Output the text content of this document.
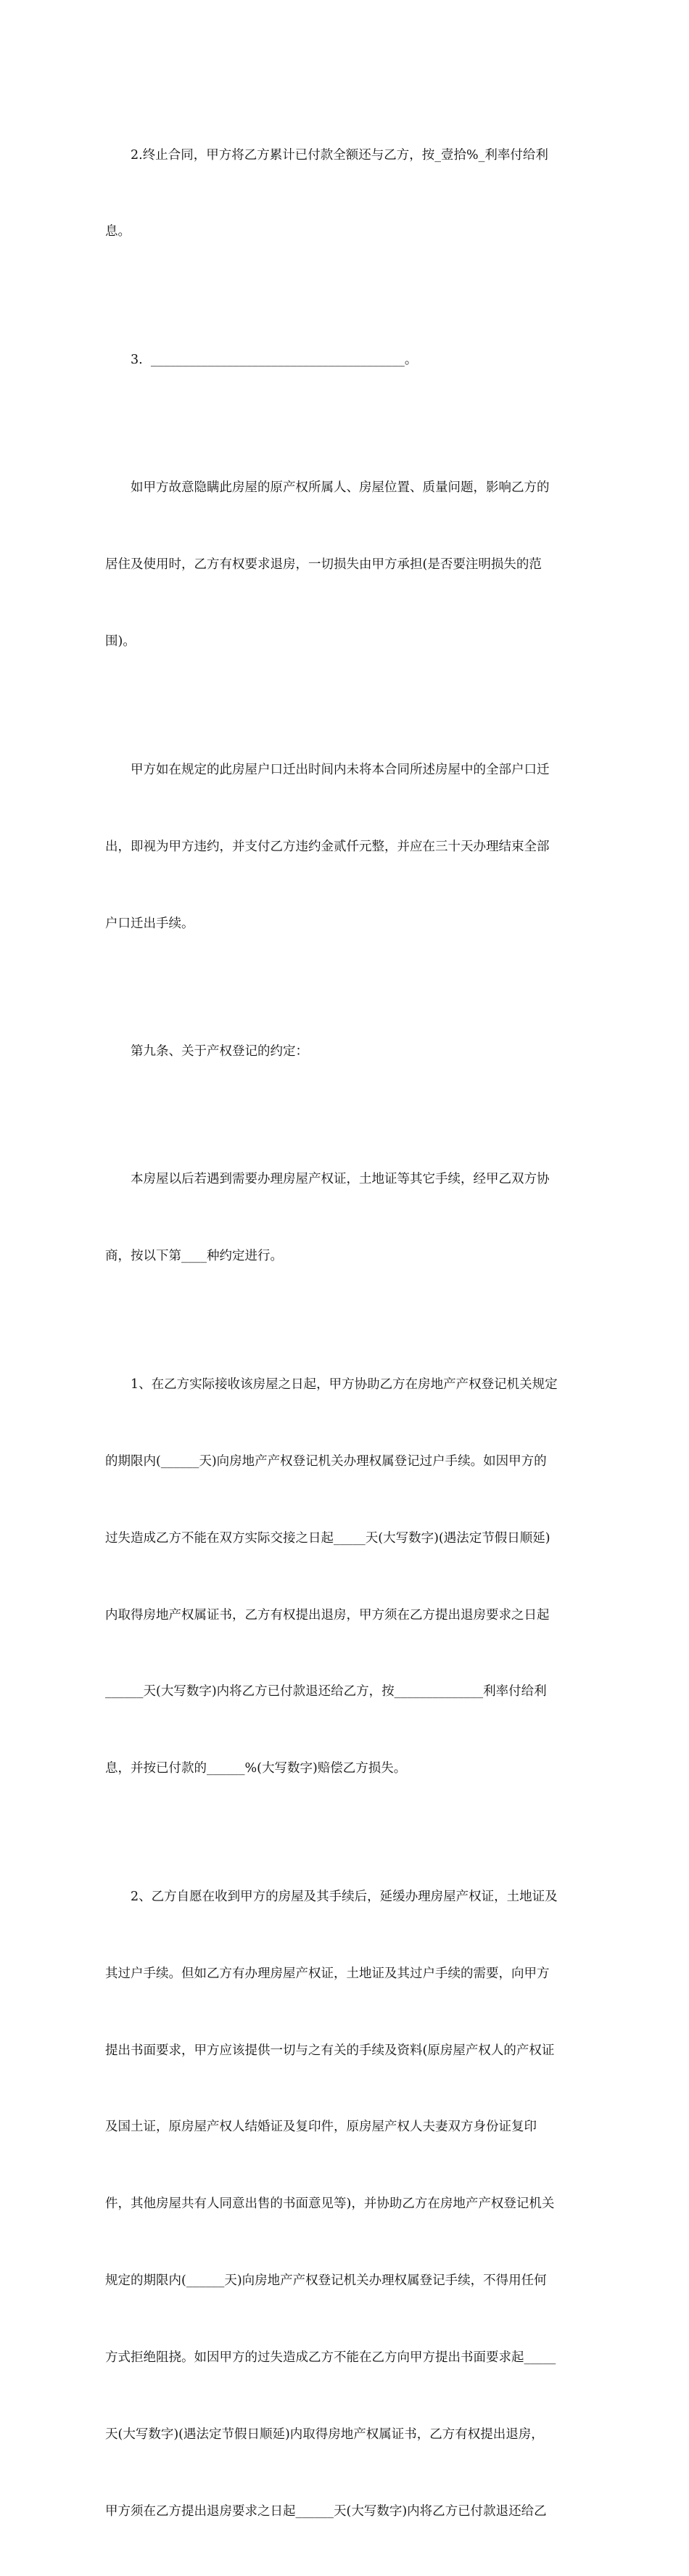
2.终止合同，甲方将乙方累计已付款全额还与乙方，按_壹拾%_利率付给利

息。

3.  ________________________________________。

如甲方故意隐瞒此房屋的原产权所属人、房屋位置、质量问题，影响乙方的

居住及使用时，乙方有权要求退房，一切损失由甲方承担(是否要注明损失的范

围)。

甲方如在规定的此房屋户口迁出时间内未将本合同所述房屋中的全部户口迁

出，即视为甲方违约，并支付乙方违约金贰仟元整，并应在三十天办理结束全部

户口迁出手续。

第九条、关于产权登记的约定：

本房屋以后若遇到需要办理房屋产权证，土地证等其它手续，经甲乙双方协

商，按以下第____种约定进行。

1、在乙方实际接收该房屋之日起，甲方协助乙方在房地产产权登记机关规定

的期限内(______天)向房地产产权登记机关办理权属登记过户手续。如因甲方的

过失造成乙方不能在双方实际交接之日起_____天(大写数字)(遇法定节假日顺延)

内取得房地产权属证书，乙方有权提出退房，甲方须在乙方提出退房要求之日起

______天(大写数字)内将乙方已付款退还给乙方，按______________利率付给利

息，并按已付款的______%(大写数字)赔偿乙方损失。

2、乙方自愿在收到甲方的房屋及其手续后，延缓办理房屋产权证，土地证及

其过户手续。但如乙方有办理房屋产权证，土地证及其过户手续的需要，向甲方

提出书面要求，甲方应该提供一切与之有关的手续及资料(原房屋产权人的产权证

及国土证，原房屋产权人结婚证及复印件，原房屋产权人夫妻双方身份证复印

件，其他房屋共有人同意出售的书面意见等)，并协助乙方在房地产产权登记机关

规定的期限内(______天)向房地产产权登记机关办理权属登记手续，不得用任何

方式拒绝阻挠。如因甲方的过失造成乙方不能在乙方向甲方提出书面要求起_____

天(大写数字)(遇法定节假日顺延)内取得房地产权属证书，乙方有权提出退房，

甲方须在乙方提出退房要求之日起______天(大写数字)内将乙方已付款退还给乙
